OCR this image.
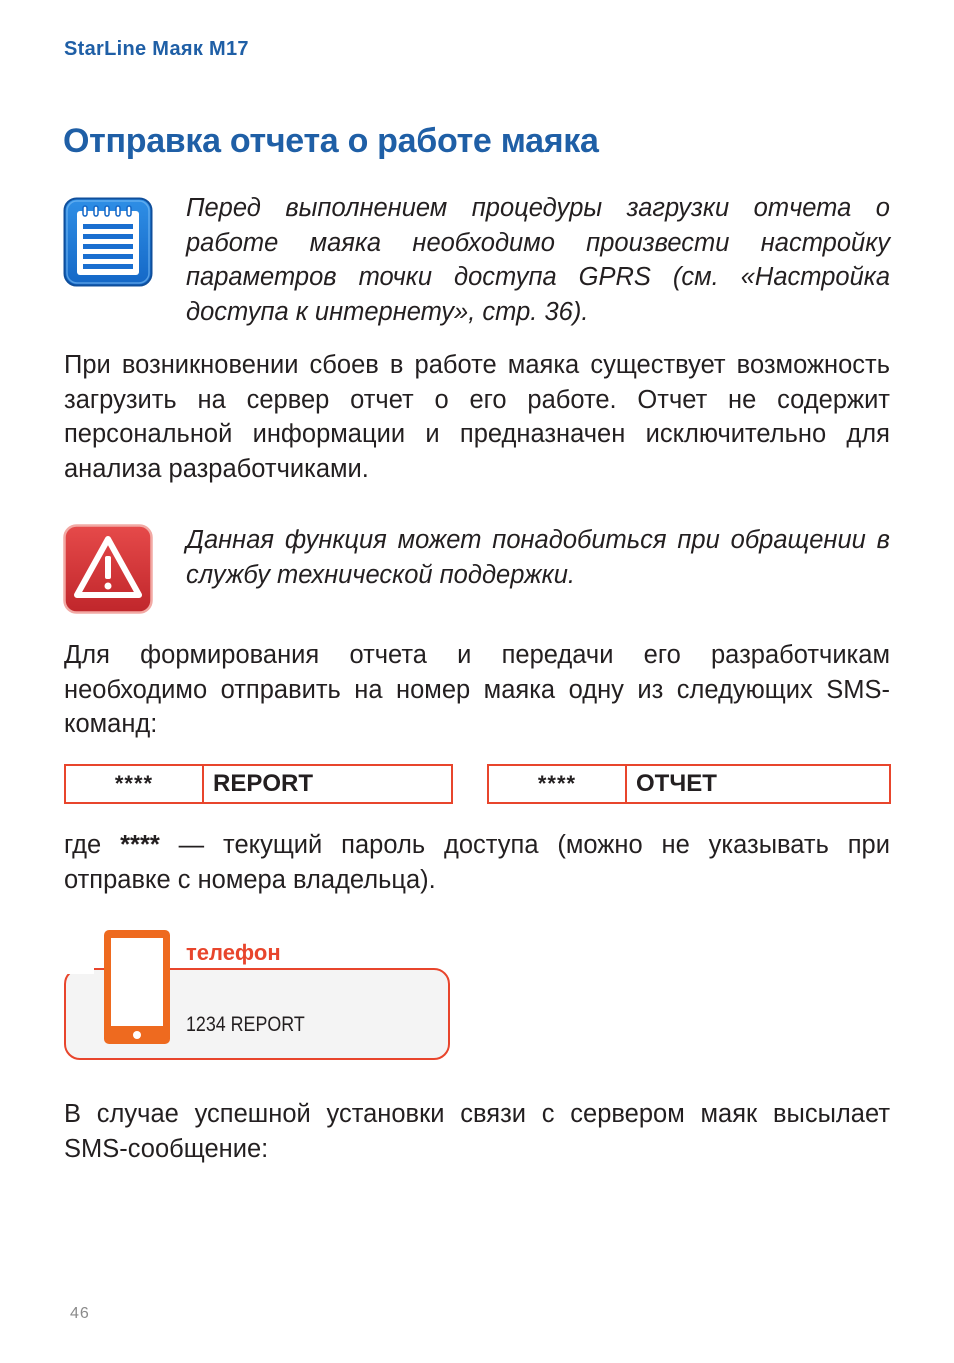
StarLine Маяк M17
Отправка отчета о работе маяка
Перед выполнением процедуры загрузки отчета о работе маяка необходимо произвести настройку параметров точки доступа GPRS (см. «Настройка доступа к интернету», стр. 36).
При возникновении сбоев в работе маяка существует возможность загрузить на сервер отчет о его работе. Отчет не содержит персональной информации и предназначен исключительно для анализа разработчиками.
Данная функция может понадобиться при обращении в службу технической поддержки.
Для формирования отчета и передачи его разработчикам необходимо отправить на номер маяка одну из следующих SMS-команд:
****	REPORT	****	ОТЧЕТ
где **** — текущий пароль доступа (можно не указывать при отправке с номера владельца).
телефон
1234 REPORT
В случае успешной установки связи с сервером маяк высылает SMS-сообщение:
46
